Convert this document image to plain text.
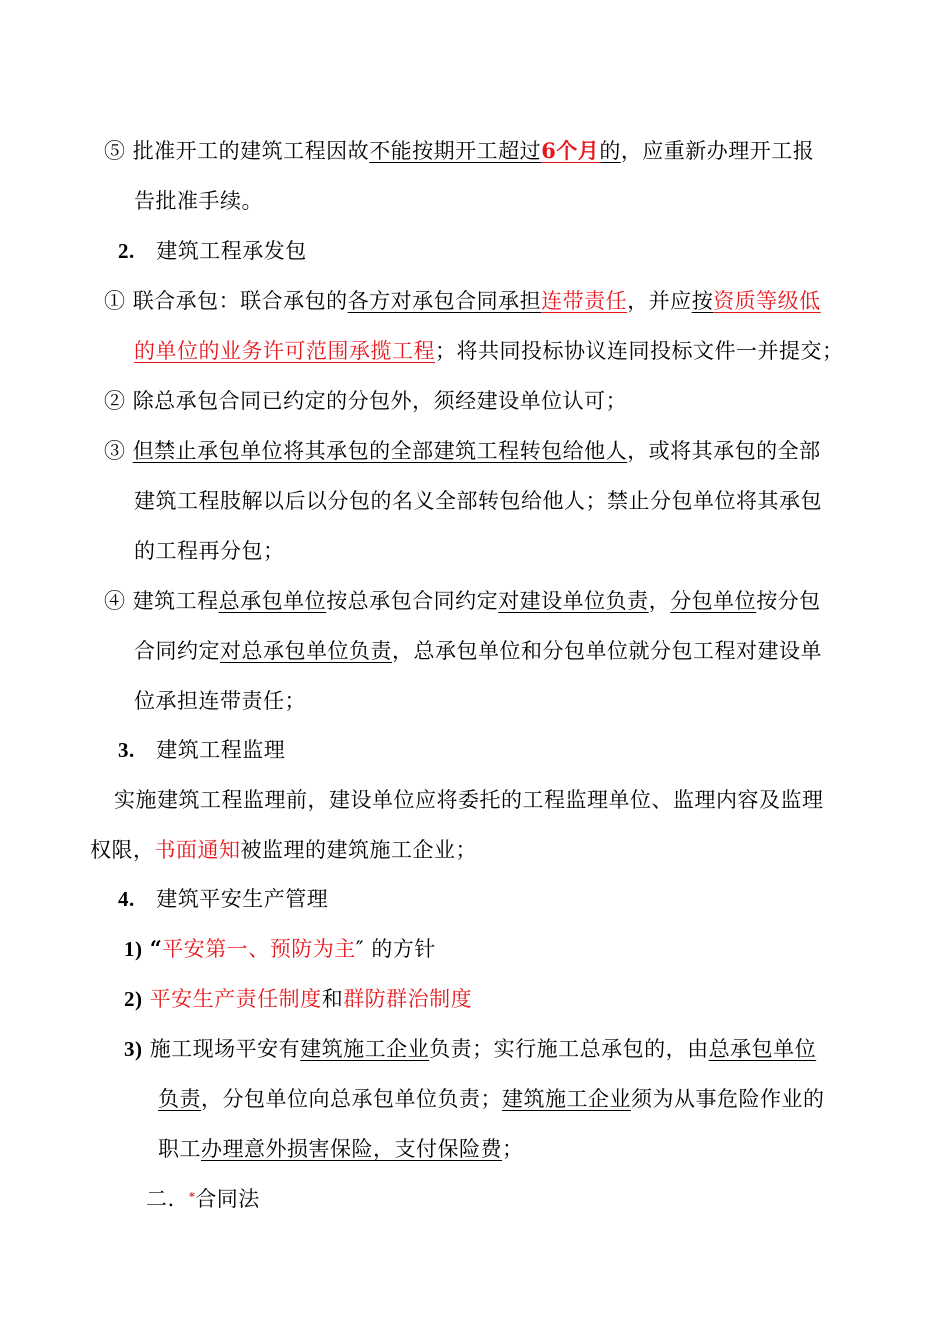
⑤ 批准开工的建筑工程因故不能按期开工超过6个月的，应重新办理开工报
告批准手续。
2. 建筑工程承发包
① 联合承包：联合承包的各方对承包合同承担连带责任，并应按资质等级低
的单位的业务许可范围承揽工程；将共同投标协议连同投标文件一并提交；
② 除总承包合同已约定的分包外，须经建设单位认可；
③ 但禁止承包单位将其承包的全部建筑工程转包给他人，或将其承包的全部
建筑工程肢解以后以分包的名义全部转包给他人；禁止分包单位将其承包
的工程再分包；
④ 建筑工程总承包单位按总承包合同约定对建设单位负责，分包单位按分包
合同约定对总承包单位负责，总承包单位和分包单位就分包工程对建设单
位承担连带责任；
3. 建筑工程监理
实施建筑工程监理前，建设单位应将委托的工程监理单位、监理内容及监理
权限，书面通知被监理的建筑施工企业；
4. 建筑平安生产管理
1) “平安第一、预防为主″ 的方针
2) 平安生产责任制度和群防群治制度
3) 施工现场平安有建筑施工企业负责；实行施工总承包的，由总承包单位
负责，分包单位向总承包单位负责；建筑施工企业须为从事危险作业的
职工办理意外损害保险，支付保险费；
二. *合同法
